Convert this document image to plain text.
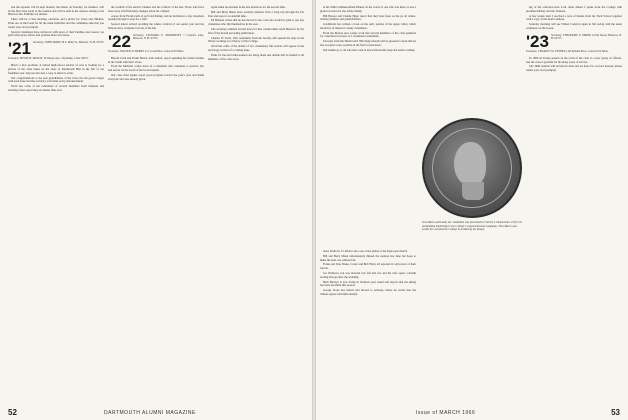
and the expense will be kept modest; the dinner on Tuesday, for instance, will be the first class event of the reunion and will be held in the outdoor setting at the Hanover Inn. Families are invited.

There will be a class meeting, elections, and a picnic for wives and children. Plans are on the board for all the usual festivities and the committee asks that you return your card promptly.

Several classmates have written in with news of their families and careers; we print what space allows and promise more next issue.

'21 Secretary, JOHN MORE 56 S. Main St., Hanover, N. H. 03755
Treasurer, HUGH M. MURAY 19 Wayne Ave., Wyoming, Conn. 06557

Here's a nice problem. A retired high-school teacher of ours is looking for a picture of the class taken on the steps of Dartmouth Hall in the fall of our freshman year. Anyone who has a copy is asked to write.

Our congratulations to the new grandfathers of the class; the list grows longer with each issue and the secretary welcomes every announcement.

Word has come of the retirement of several members from business and teaching; most report they are busier than ever.

the warmth of his electric blanket and the comfort of the Inn. Those who have been away will find many changes about the campus.

A note from Florida tells of golf and fishing, and an invitation to any classmate passing through to stop for a visit.

Several letters arrived recalling the winter carnival of our senior year and the famous snow sculpture in front of the Inn.

'22 Secretary, LEONARD E. MORRISSEY 7 Ledyard Lane, Hanover, N. H. 03755
Treasurer, WALTER D. BERRY 211 Lowell Rd., Concord 02 Mass.

Harold Cohn and Frank Haven, both retired, report spending the winter months in the South with their wives.

From the Midwest comes news of a classmate who continues to practice law and serves on the board of his local hospital.

Our class fund agents report good progress toward the year's goal and thank everyone who has already given.

again when he returned in the late afternoon for the second time.

Bill and Betty Baker have recently returned from a long trip through the Far East and report a wonderful time.

Ed Bement writes that he has moved to the coast and would be glad to see any classmates who find themselves in the area.

The secretary reminds all that news for this column must reach Hanover by the first of the month preceding publication.

Charles W. Earle, after retirement from the faculty, still spends his days in the library working on a history of the College.

Word has come of the deaths of two classmates; full notices will appear in the necrology section of a coming issue.

Plans for the next mini-reunion are being made and details will be mailed to all members of the class soon.

52	DARTMOUTH ALUMNI MAGAZINE

at his 1966 Commencement Dinner. In the words of one who was there, it was a grand occasion for the whole family.

Bill Brewer and Charlie Hugo report that they have been on the go all winter, visiting children and grandchildren.

Goldthwait has written a book on the early settlers of the upper valley which should be of interest to many classmates.

From the Boston area comes word that several members of the class gathered for a luncheon in honor of a classmate's retirement.

Excerpts from the Herald add: 'His many friends will be pleased to learn that he has accepted a new position in the field of education.'

Our thanks go to all who have sent in news this month; keep the letters coming.

This Marro and Landy Inc. medallion was presented to Charles I. Zimmerman '23 for his outstanding leadership in the College's sesquicentennial campaign. Thus Marro and Landy Inc. assisted the College in producing the design.

dead, Stafford, Vt. Dick is also one of the pillars of the Episcopal church.

Bill and Betty Mann unfortunately missed the reunion last June but hope to make the next one without fail.

Frank and Ivan Drake, Carter and Bob Herd, all reported in with news of their travels.

Joe Wallace's son was married last fall and Joe and his wife spent a month touring Europe after the wedding.

Herb Hawley is now living in Vermont year round and reports that the skiing has been excellent this season.

George Stone has retired and moved to Arizona, where he writes that the climate agrees with him entirely.

ing of the outboard-class 2-24. After dinner I spoke from the College with president Dickey and the Trustees.

A few weeks later I received a note of thanks from the Tuck School together with a copy of the dean's address.

Saturday morning will see Winter Carnival again in full swing with the usual sculptures on the Green.

'23 Secretary, THEODORE S. MINER 4 Elm Street, Hanover, N. H. 03755
Treasurer, CHARLES W. FENNELL 60 Perkins Place, Concord 02 Mass.

In 1966 Al Turner passed on the torch of the class to a new group of officers, and the class is grateful for his many years of service.

The 1966 reunion will be held in June and we hope for a record turnout; please return your card promptly.

Issue of MARCH 1966	53
